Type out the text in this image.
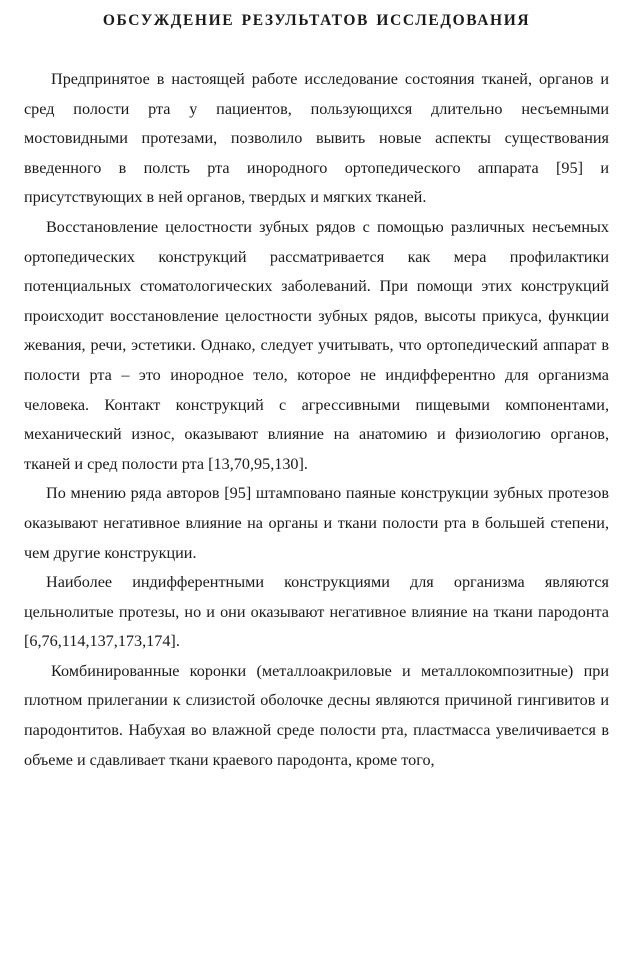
ОБСУЖДЕНИЕ РЕЗУЛЬТАТОВ ИССЛЕДОВАНИЯ

Предпринятое в настоящей работе исследование состояния тканей, органов и сред полости рта у пациентов, пользующихся длительно несъемными мостовидными протезами, позволило вывить новые аспекты существования введенного в полсть рта инородного ортопедического аппарата [95] и присутствующих в ней органов, твердых и мягких тканей.

Восстановление целостности зубных рядов с помощью различных несъемных ортопедических конструкций рассматривается как мера профилактики потенциальных стоматологических заболеваний. При помощи этих конструкций происходит восстановление целостности зубных рядов, высоты прикуса, функции жевания, речи, эстетики. Однако, следует учитывать, что ортопедический аппарат в полости рта – это инородное тело, которое не индифферентно для организма человека. Контакт конструкций с агрессивными пищевыми компонентами, механический износ, оказывают влияние на анатомию и физиологию органов, тканей и сред полости рта [13,70,95,130].

По мнению ряда авторов [95] штамповано паяные конструкции зубных протезов оказывают негативное влияние на органы и ткани полости рта в большей степени, чем другие конструкции.

Наиболее индифферентными конструкциями для организма являются цельнолитые протезы, но и они оказывают негативное влияние на ткани пародонта [6,76,114,137,173,174].

Комбинированные коронки (металлоакриловые и металлокомпозитные) при плотном прилегании к слизистой оболочке десны являются причиной гингивитов и пародонтитов. Набухая во влажной среде полости рта, пластмасса увеличивается в объеме и сдавливает ткани краевого пародонта, кроме того,
